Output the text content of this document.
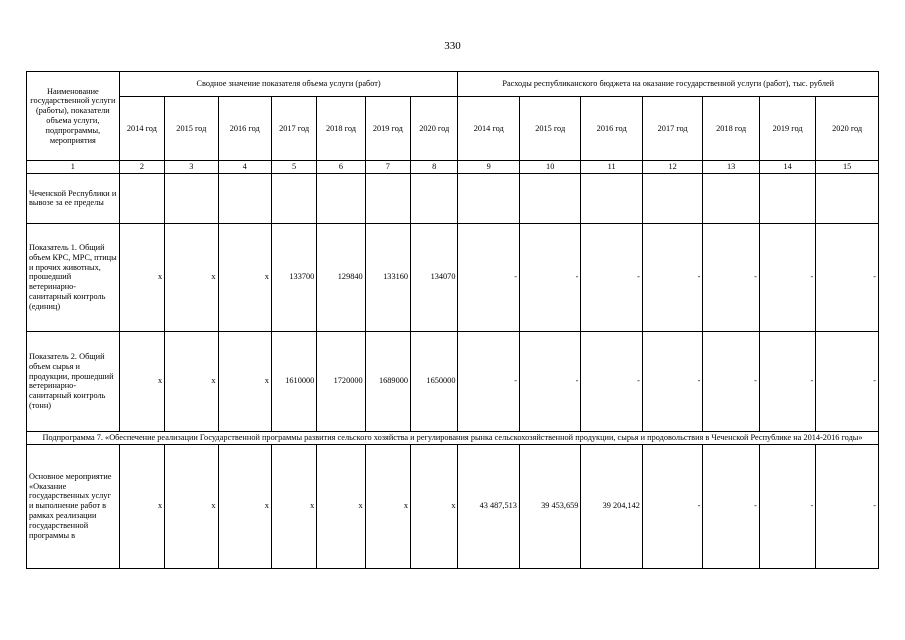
330
Наименование государственной услуги (работы), показатели объема услуги, подпрограммы, мероприятия	Сводное значение показателя объема услуги (работ)							Расходы республиканского бюджета на оказание государственной услуги (работ), тыс. рублей						
	2014 год	2015 год	2016 год	2017 год	2018 год	2019 год	2020 год	2014 год	2015 год	2016 год	2017 год	2018 год	2019 год	2020 год
1	2	3	4	5	6	7	8	9	10	11	12	13	14	15
Чеченской Республики и вывозе за ее пределы														
Показатель 1. Общий объем КРС, МРС, птицы и прочих животных, прошедший ветеринарно-санитарный контроль (единиц)	x	x	x	133700	129840	133160	134070	-	-	-	-	-	-	-
Показатель 2. Общий объем сырья и продукции, прошедший ветеринарно-санитарный контроль (тонн)	x	x	x	1610000	1720000	1689000	1650000	-	-	-	-	-	-	-
Подпрограмма 7. «Обеспечение реализации Государственной программы развития сельского хозяйства и регулирования рынка сельскохозяйственной продукции, сырья и продовольствия в Чеченской Республике на 2014-2016 годы»														
Основное мероприятие «Оказание государственных услуг и выполнение работ в рамках реализации государственной программы в	x	x	x	x	x	x	x	43 487,513	39 453,659	39 204,142	-	-	-	-
